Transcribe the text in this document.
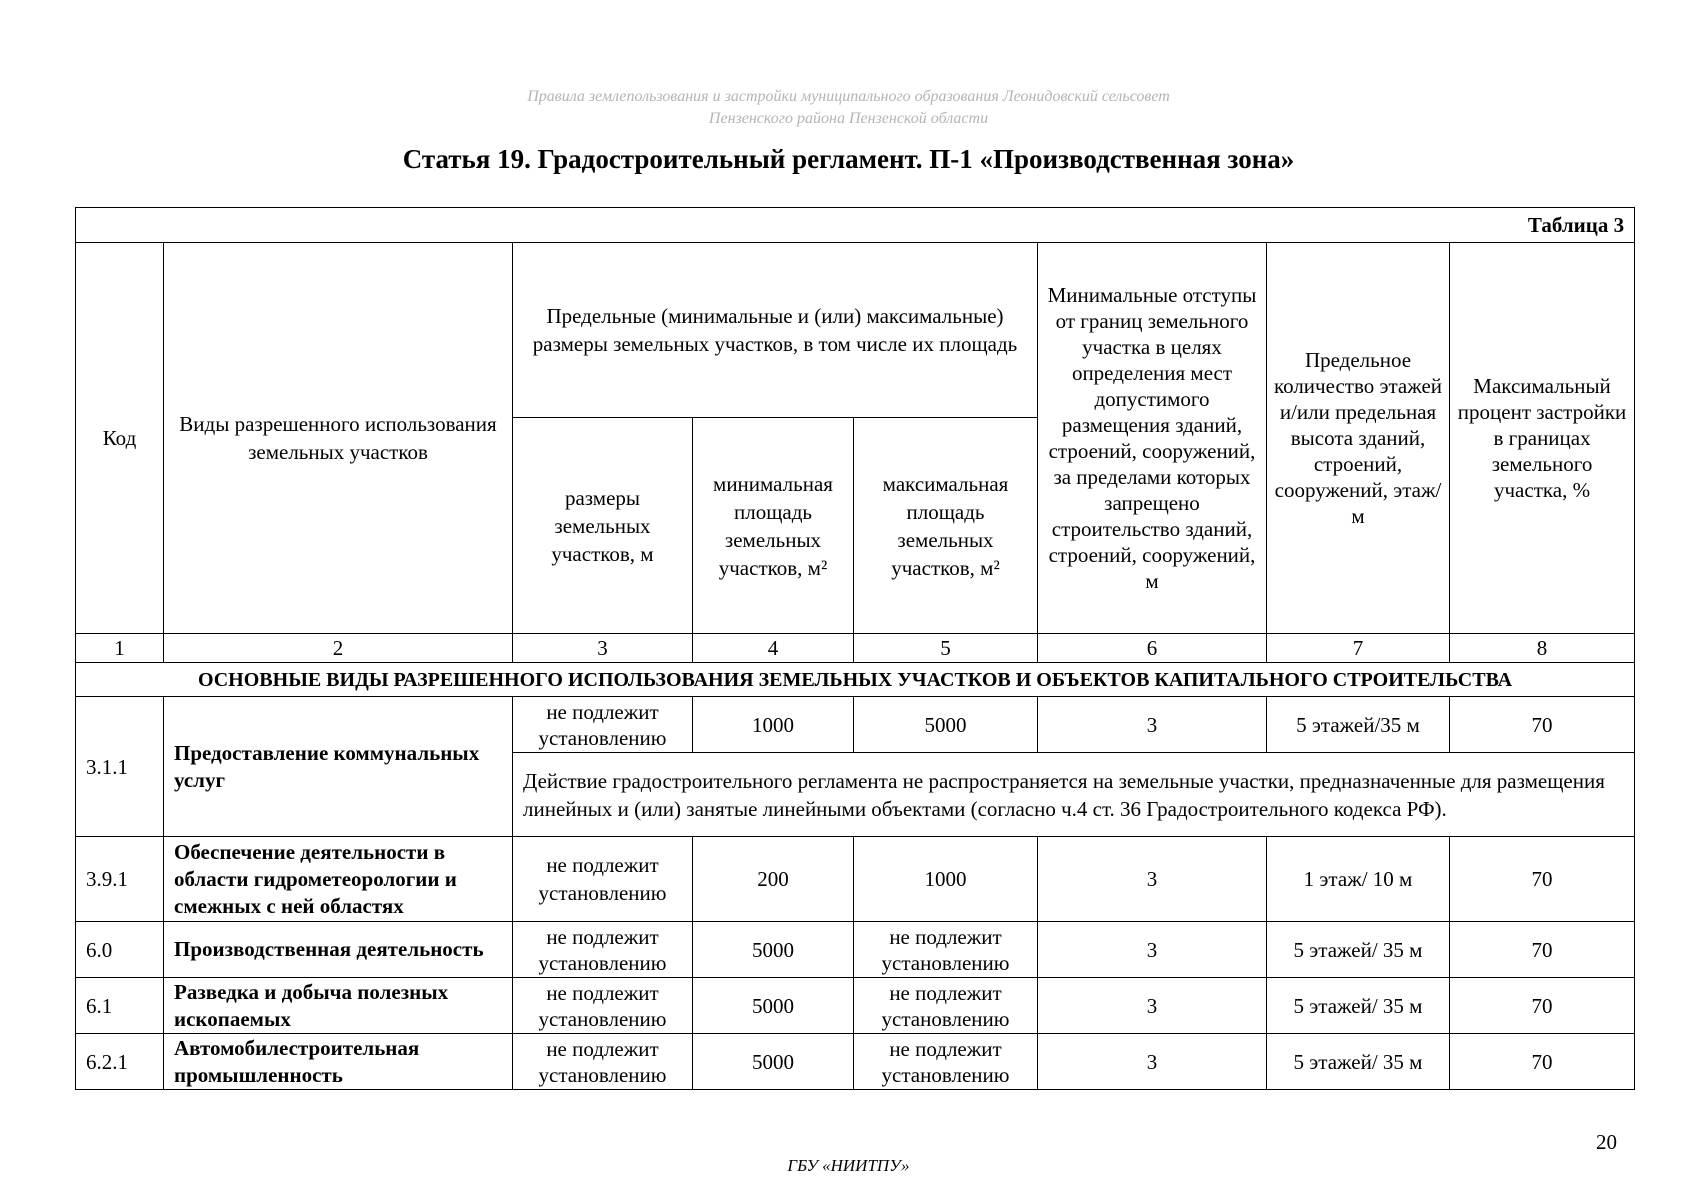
Правила землепользования и застройки муниципального образования Леонидовский сельсовет
Пензенского района Пензенской области
Статья 19. Градостроительный регламент. П-1 «Производственная зона»
Таблица 3							
Код	Виды разрешенного использования земельных участков	Предельные (минимальные и (или) максимальные) размеры земельных участков, в том числе их площадь			Минимальные отступы от границ земельного участка в целях определения мест допустимого размещения зданий, строений, сооружений, за пределами которых запрещено строительство зданий, строений, сооружений, м	Предельное количество этажей и/или предельная высота зданий, строений, сооружений, этаж/м	Максимальный процент застройки в границах земельного участка, %
		размеры земельных участков, м	минимальная площадь земельных участков, м²	максимальная площадь земельных участков, м²			
1	2	3	4	5	6	7	8
ОСНОВНЫЕ ВИДЫ РАЗРЕШЕННОГО ИСПОЛЬЗОВАНИЯ ЗЕМЕЛЬНЫХ УЧАСТКОВ И ОБЪЕКТОВ КАПИТАЛЬНОГО СТРОИТЕЛЬСТВА							
3.1.1	Предоставление коммунальных услуг	не подлежит установлению	1000	5000	3	5 этажей/35 м	70
		Действие градостроительного регламента не распространяется на земельные участки, предназначенные для размещения линейных и (или) занятые линейными объектами (согласно ч.4 ст. 36 Градостроительного кодекса РФ).					
3.9.1	Обеспечение деятельности в области гидрометеорологии и смежных с ней областях	не подлежит установлению	200	1000	3	1 этаж/ 10 м	70
6.0	Производственная деятельность	не подлежит установлению	5000	не подлежит установлению	3	5 этажей/ 35 м	70
6.1	Разведка и добыча полезных ископаемых	не подлежит установлению	5000	не подлежит установлению	3	5 этажей/ 35 м	70
6.2.1	Автомобилестроительная промышленность	не подлежит установлению	5000	не подлежит установлению	3	5 этажей/ 35 м	70
20
ГБУ «НИИТПУ»
